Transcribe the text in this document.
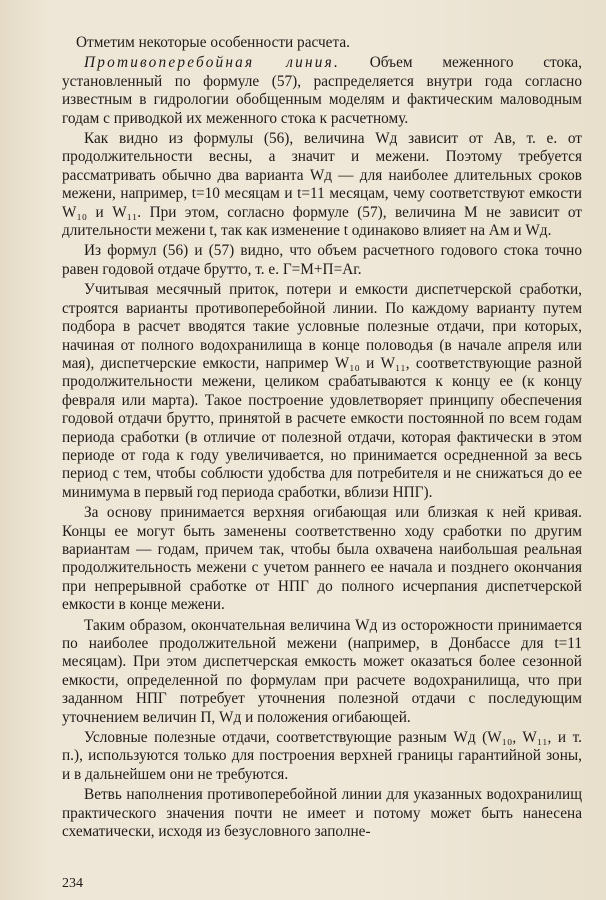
Отметим некоторые особенности расчета.

Противоперебойная линия. Объем меженного стока, установленный по формуле (57), распределяется внутри года согласно известным в гидрологии обобщенным моделям и фактическим маловодным годам с приводкой их меженного стока к расчетному.

Как видно из формулы (56), величина Wд зависит от Ав, т. е. от продолжительности весны, а значит и межени. Поэтому требуется рассматривать обычно два варианта Wд — для наиболее длительных сроков межени, например, t=10 месяцам и t=11 месяцам, чему соответствуют емкости W₁₀ и W₁₁. При этом, согласно формуле (57), величина М не зависит от длительности межени t, так как изменение t одинаково влияет на Ам и Wд.

Из формул (56) и (57) видно, что объем расчетного годового стока точно равен годовой отдаче брутто, т. е. Г=М+П=Аг.

Учитывая месячный приток, потери и емкости диспетчерской сработки, строятся варианты противоперебойной линии. По каждому варианту путем подбора в расчет вводятся такие условные полезные отдачи, при которых, начиная от полного водохранилища в конце половодья (в начале апреля или мая), диспетчерские емкости, например W₁₀ и W₁₁, соответствующие разной продолжительности межени, целиком срабатываются к концу ее (к концу февраля или марта). Такое построение удовлетворяет принципу обеспечения годовой отдачи брутто, принятой в расчете емкости постоянной по всем годам периода сработки (в отличие от полезной отдачи, которая фактически в этом периоде от года к году увеличивается, но принимается осредненной за весь период с тем, чтобы соблюсти удобства для потребителя и не снижаться до ее минимума в первый год периода сработки, вблизи НПГ).

За основу принимается верхняя огибающая или близкая к ней кривая. Концы ее могут быть заменены соответственно ходу сработки по другим вариантам — годам, причем так, чтобы была охвачена наибольшая реальная продолжительность межени с учетом раннего ее начала и позднего окончания при непрерывной сработке от НПГ до полного исчерпания диспетчерской емкости в конце межени.

Таким образом, окончательная величина Wд из осторожности принимается по наиболее продолжительной межени (например, в Донбассе для t=11 месяцам). При этом диспетчерская емкость может оказаться более сезонной емкости, определенной по формулам при расчете водохранилища, что при заданном НПГ потребует уточнения полезной отдачи с последующим уточнением величин П, Wд и положения огибающей.

Условные полезные отдачи, соответствующие разным Wд (W₁₀, W₁₁, и т. п.), используются только для построения верхней границы гарантийной зоны, и в дальнейшем они не требуются.

Ветвь наполнения противоперебойной линии для указанных водохранилищ практического значения почти не имеет и потому может быть нанесена схематически, исходя из безусловного заполне-

234
